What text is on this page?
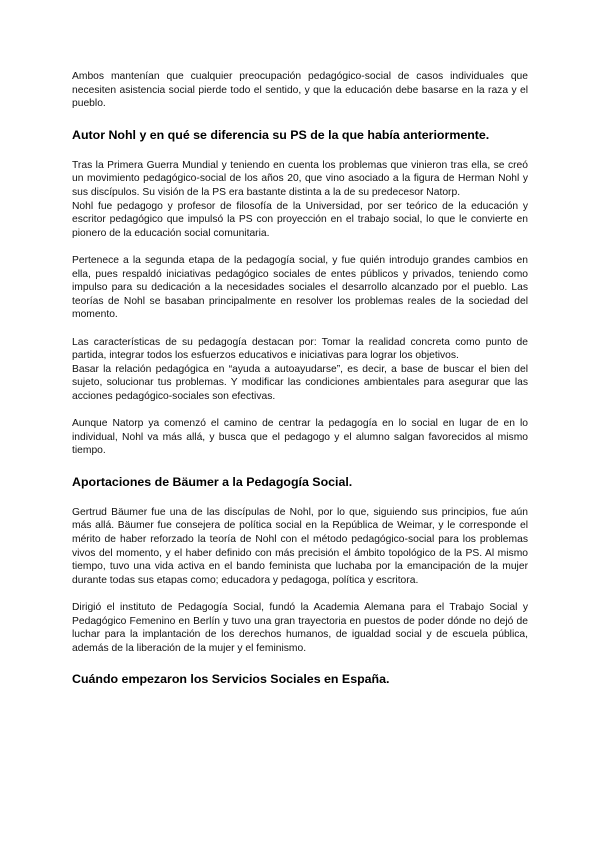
Ambos mantenían que cualquier preocupación pedagógico-social de casos individuales que necesiten asistencia social pierde todo el sentido, y que la educación debe basarse en la raza y el pueblo.

Autor Nohl y en qué se diferencia su PS de la que había anteriormente.

Tras la Primera Guerra Mundial y teniendo en cuenta los problemas que vinieron tras ella, se creó un movimiento pedagógico-social de los años 20, que vino asociado a la figura de Herman Nohl y sus discípulos. Su visión de la PS era bastante distinta a la de su predecesor Natorp.

Nohl fue pedagogo y profesor de filosofía de la Universidad, por ser teórico de la educación y escritor pedagógico que impulsó la PS con proyección en el trabajo social, lo que le convierte en pionero de la educación social comunitaria.

Pertenece a la segunda etapa de la pedagogía social, y fue quién introdujo grandes cambios en ella, pues respaldó iniciativas pedagógico sociales de entes públicos y privados, teniendo como impulso para su dedicación a la necesidades sociales el desarrollo alcanzado por el pueblo. Las teorías de Nohl se basaban principalmente en resolver los problemas reales de la sociedad del momento.

Las características de su pedagogía destacan por: Tomar la realidad concreta como punto de partida, integrar todos los esfuerzos educativos e iniciativas para lograr los objetivos.

Basar la relación pedagógica en “ayuda a autoayudarse”, es decir, a base de buscar el bien del sujeto, solucionar tus problemas. Y modificar las condiciones ambientales para asegurar que las acciones pedagógico-sociales son efectivas.

Aunque Natorp ya comenzó el camino de centrar la pedagogía en lo social en lugar de en lo individual, Nohl va más allá, y busca que el pedagogo y el alumno salgan favorecidos al mismo tiempo.

Aportaciones de Bäumer a la Pedagogía Social.

Gertrud Bäumer fue una de las discípulas de Nohl, por lo que, siguiendo sus principios, fue aún más allá. Bäumer fue consejera de política social en la República de Weimar, y le corresponde el mérito de haber reforzado la teoría de Nohl con el método pedagógico-social para los problemas vivos del momento, y el haber definido con más precisión el ámbito topológico de la PS. Al mismo tiempo, tuvo una vida activa en el bando feminista que luchaba por la emancipación de la mujer durante todas sus etapas como; educadora y pedagoga, política y escritora.

Dirigió el instituto de Pedagogía Social, fundó la Academia Alemana para el Trabajo Social y Pedagógico Femenino en Berlín y tuvo una gran trayectoria en puestos de poder dónde no dejó de luchar para la implantación de los derechos humanos, de igualdad social y de escuela pública, además de la liberación de la mujer y el feminismo.

Cuándo empezaron los Servicios Sociales en España.
